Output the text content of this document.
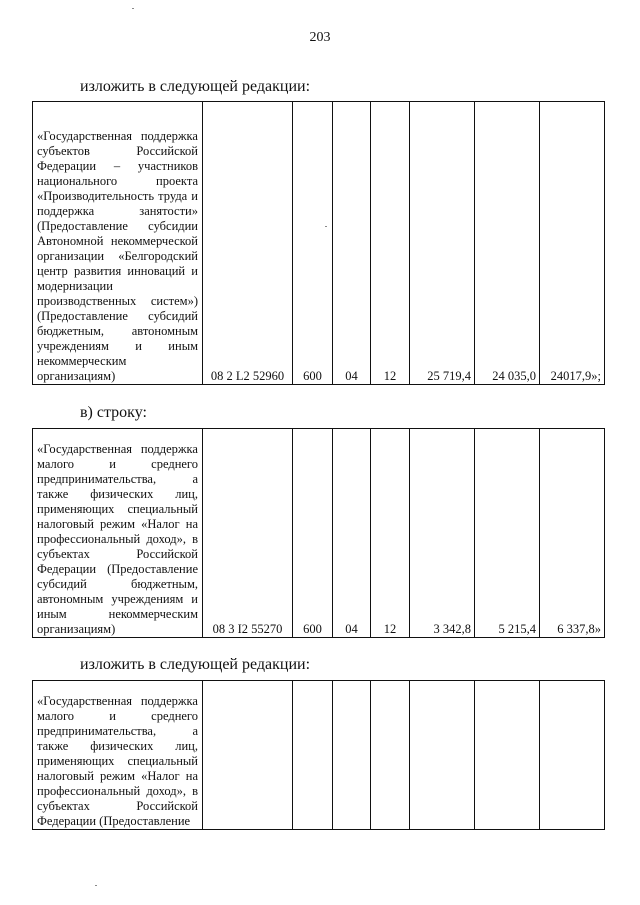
203
изложить в следующей редакции:
«Государственная поддержка субъектов Российской Федерации – участников национального проекта «Производительность труда и поддержка занятости» (Предоставление субсидии Автономной некоммерческой организации «Белгородский центр развития инноваций и модернизации производственных систем») (Предоставление субсидий бюджетным, автономным учреждениям и иным некоммерческим организациям)	08 2 L2 52960	600	04	12	25 719,4	24 035,0	24017,9»;
в) строку:
«Государственная поддержка малого и среднего предпринимательства, а также физических лиц, применяющих специальный налоговый режим «Налог на профессиональный доход», в субъектах Российской Федерации (Предоставление субсидий бюджетным, автономным учреждениям и иным некоммерческим организациям)	08 3 I2 55270	600	04	12	3 342,8	5 215,4	6 337,8»
изложить в следующей редакции:
«Государственная поддержка малого и среднего предпринимательства, а также физических лиц, применяющих специальный налоговый режим «Налог на профессиональный доход», в субъектах Российской Федерации (Предоставление							
